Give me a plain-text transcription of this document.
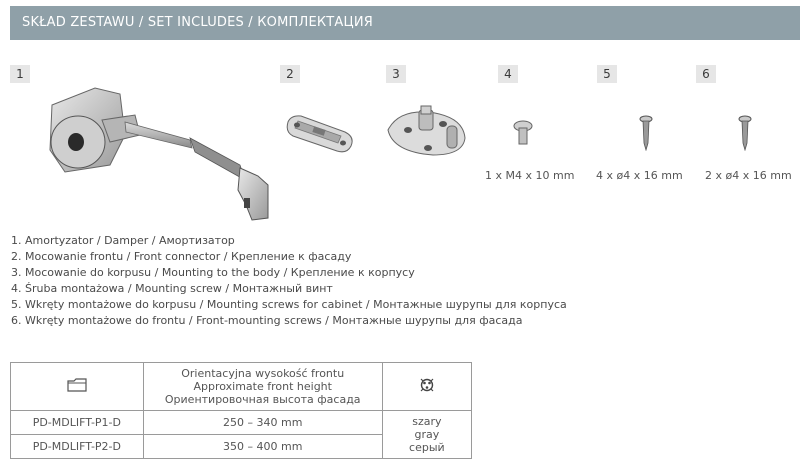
SKŁAD ZESTAWU / SET INCLUDES / КОМПЛЕКТАЦИЯ
1	2	3	4	5	6
1 x M4 x 10 mm 4 x ø4 x 16 mm 2 x ø4 x 16 mm
1. Amortyzator / Damper / Амортизатор
2. Mocowanie frontu / Front connector / Крепление к фасаду
3. Mocowanie do korpusu / Mounting to the body / Крепление к корпусу
4. Śruba montażowa / Mounting screw / Монтажный винт
5. Wkręty montażowe do korpusu / Mounting screws for cabinet / Монтажные шурупы для корпуса
6. Wkręty montażowe do frontu / Front-mounting screws / Монтажные шурупы для фасада

Orientacyjna wysokość frontu
Approximate front height
Ориентировочная высота фасада

PD-MDLIFT-P1-D	250 – 340 mm	szary
gray
серый

PD-MDLIFT-P2-D	350 – 400 mm	
